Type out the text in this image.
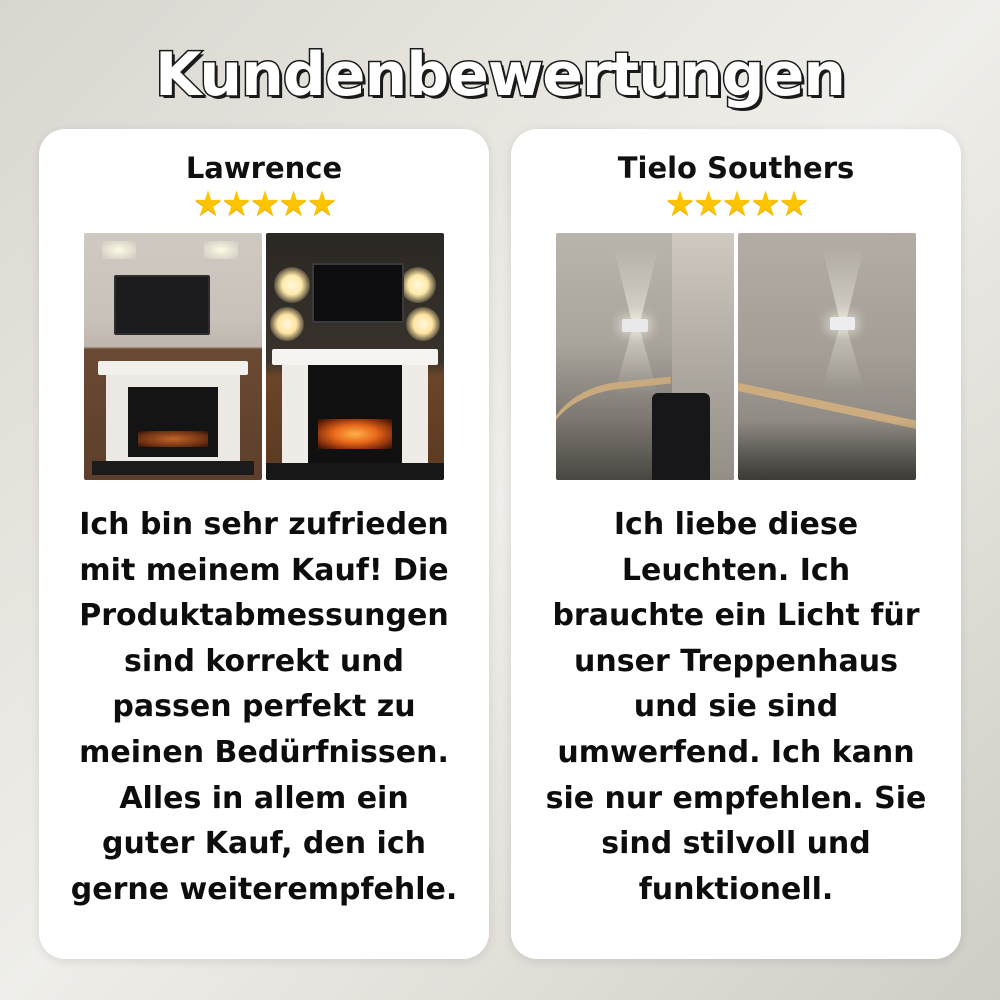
Kundenbewertungen
Lawrence
★★★★★
Ich bin sehr zufrieden mit meinem Kauf! Die Produktabmessungen sind korrekt und passen perfekt zu meinen Bedürfnissen. Alles in allem ein guter Kauf, den ich gerne weiterempfehle.
Tielo Southers
★★★★★
Ich liebe diese Leuchten. Ich brauchte ein Licht für unser Treppenhaus und sie sind umwerfend. Ich kann sie nur empfehlen. Sie sind stilvoll und funktionell.
